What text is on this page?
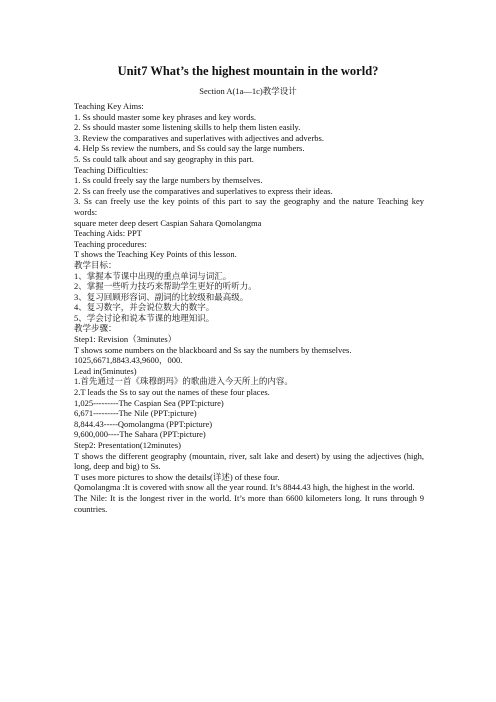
Unit7 What’s the highest mountain in the world?
Section A(1a—1c)教学设计
Teaching Key Aims:
1. Ss should master some key phrases and key words.
2. Ss should master some listening skills to help them listen easily.
3. Review the comparatives and superlatives with adjectives and adverbs.
4. Help Ss review the numbers, and Ss could say the large numbers.
5. Ss could talk about and say geography in this part.
Teaching Difficulties:
1. Ss could freely say the large numbers by themselves.
2. Ss can freely use the comparatives and superlatives to express their ideas.
3. Ss can freely use the key points of this part to say the geography and the nature Teaching key words:
square meter deep desert Caspian Sahara Qomolangma
Teaching Aids: PPT
Teaching procedures:
T shows the Teaching Key Points of this lesson.
教学目标：
1、掌握本节课中出现的重点单词与词汇。
2、掌握一些听力技巧来帮助学生更好的听听力。
3、复习回顾形容词、副词的比较级和最高级。
4、复习数字，并会说位数大的数字。
5、学会讨论和说本节课的地理知识。
教学步骤：
Step1: Revision（3minutes）
T shows some numbers on the blackboard and Ss say the numbers by themselves.
1025,6671,8843.43,9600，000.
Lead in(5minutes)
1.首先通过一首《珠穆朗玛》的歌曲进入今天所上的内容。
2.T leads the Ss to say out the names of these four places.
1,025---------The Caspian Sea (PPT:picture)
6,671---------The Nile (PPT:picture)
8,844.43-----Qomolangma (PPT:picture)
9,600,000----The Sahara (PPT:picture)
Step2: Presentation(12minutes)
T shows the different geography (mountain, river, salt lake and desert) by using the adjectives (high, long, deep and big) to Ss.
T uses more pictures to show the details(详述) of these four.
Qomolangma :It is covered with snow all the year round. It’s 8844.43 high, the highest in the world.
The Nile: It is the longest river in the world. It’s more than 6600 kilometers long. It runs through 9 countries.
